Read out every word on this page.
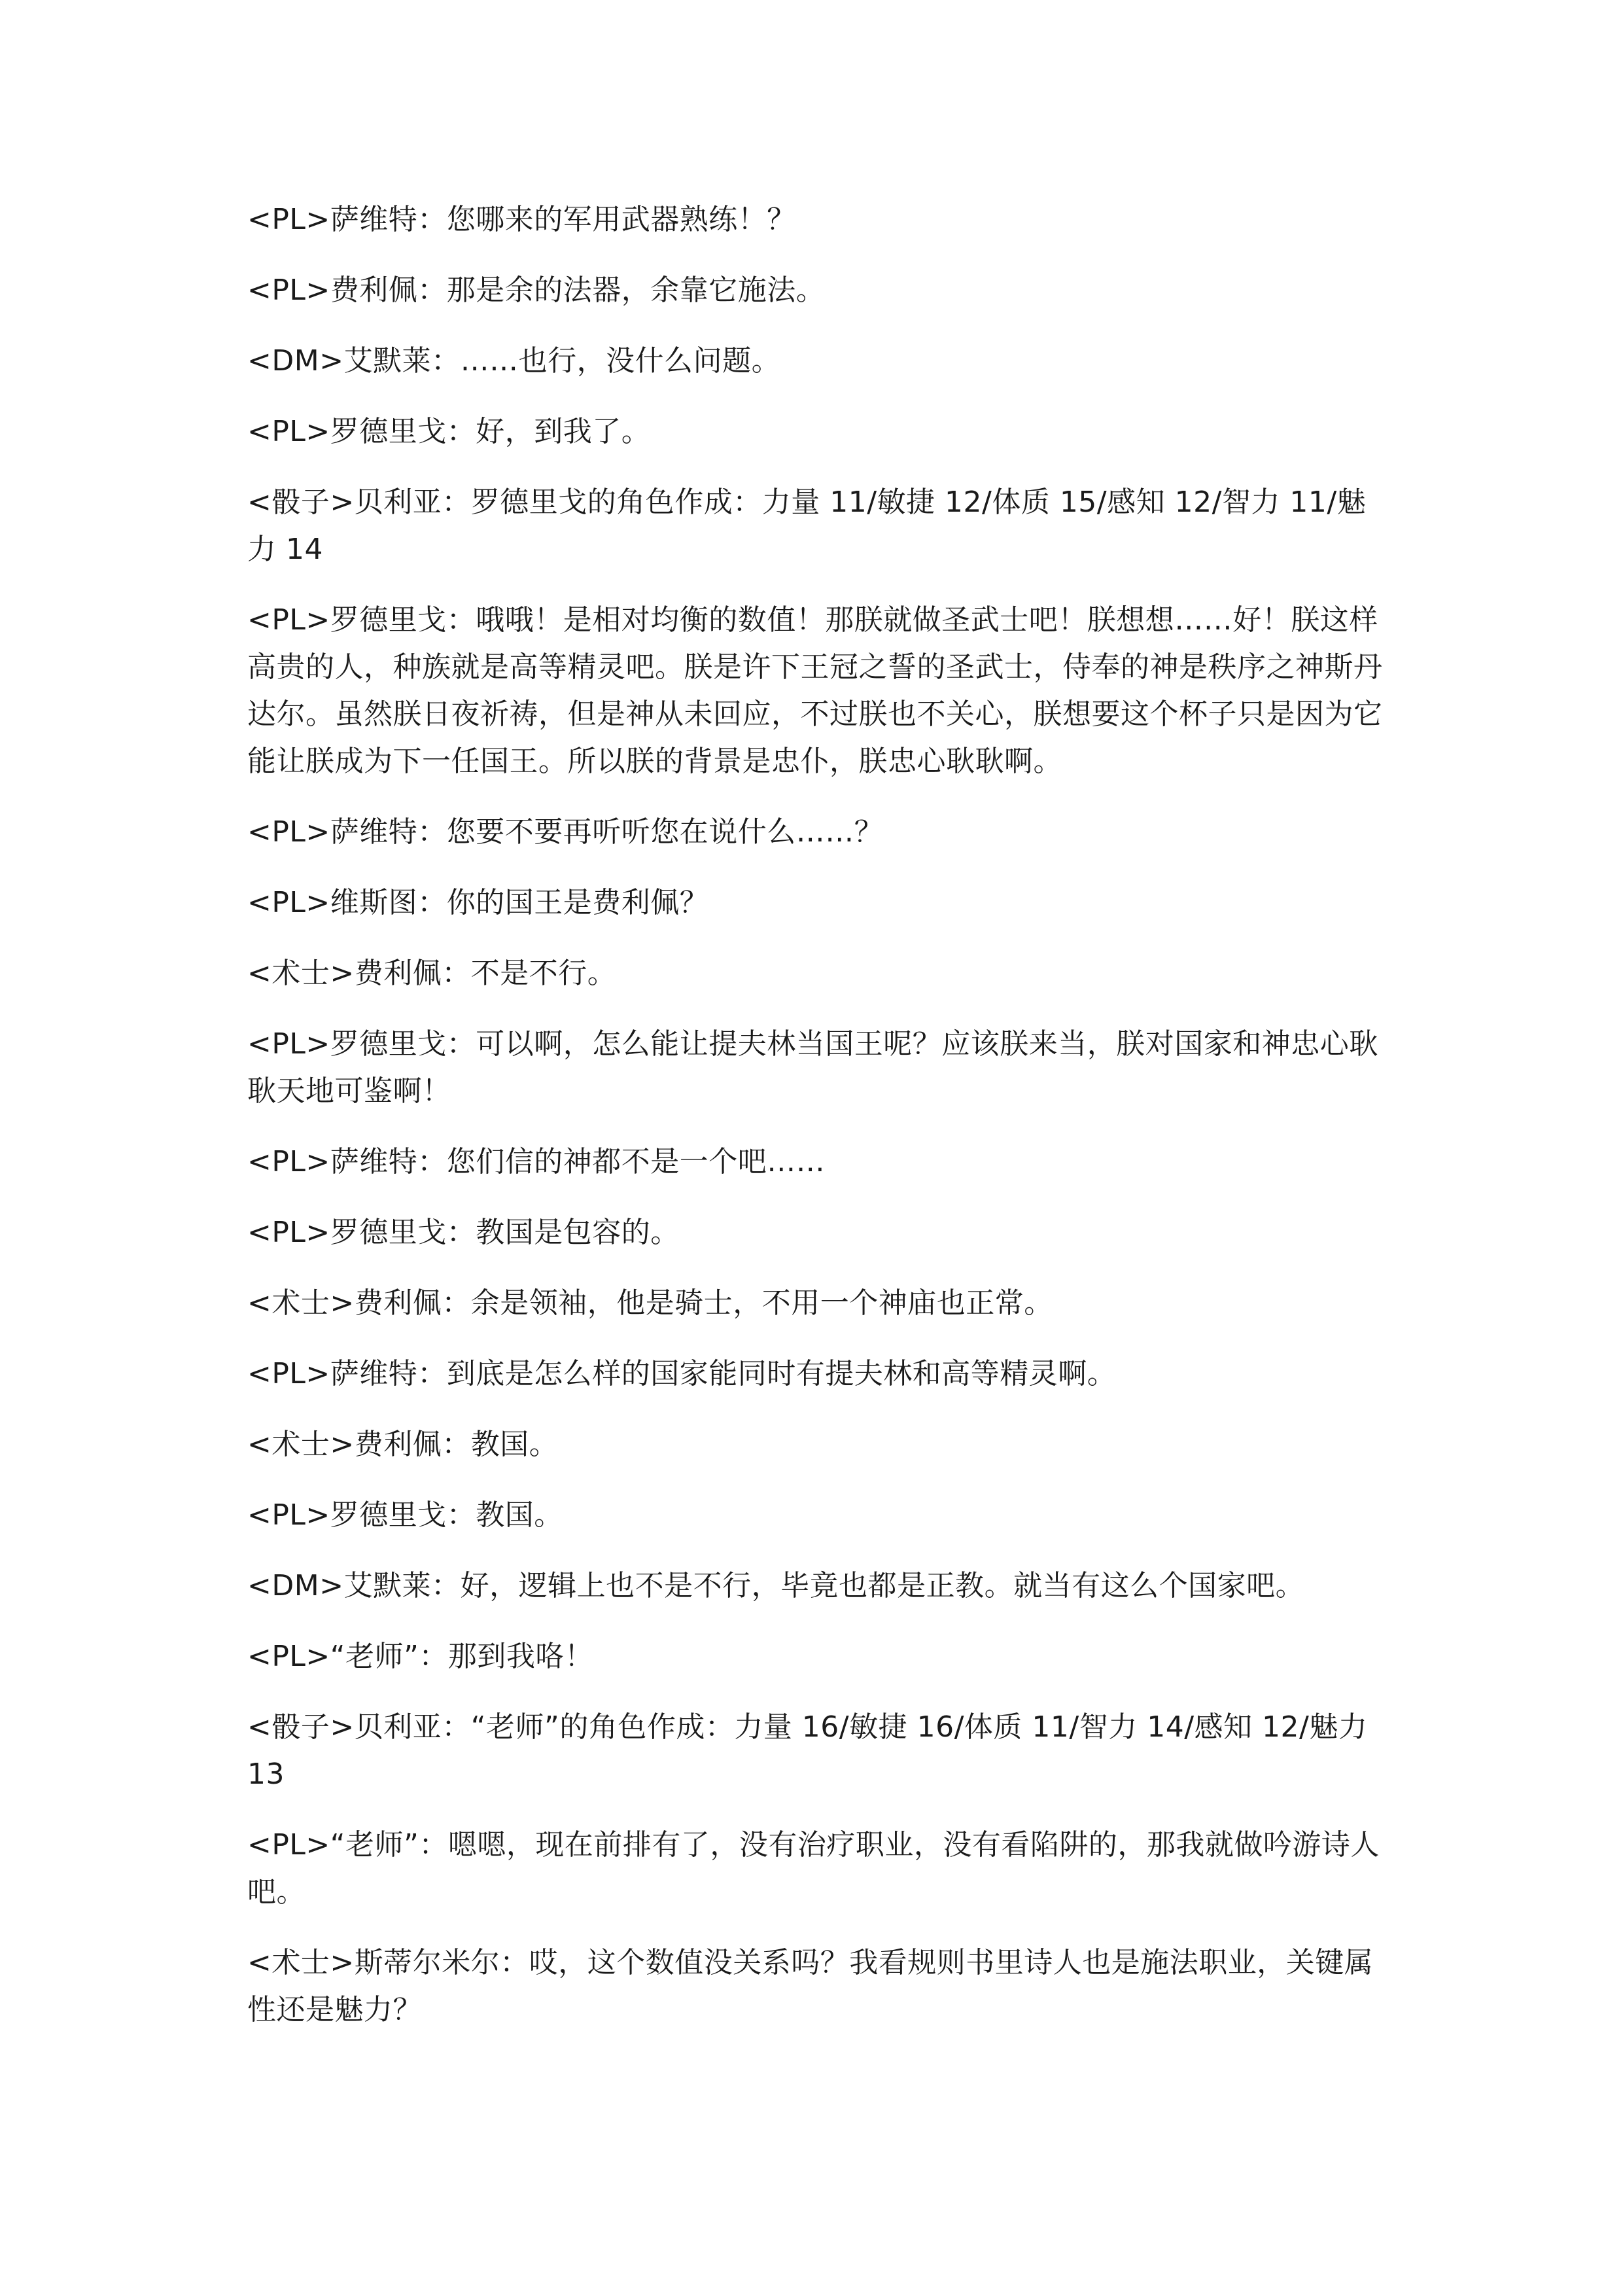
<PL>萨维特：您哪来的军用武器熟练！？

<PL>费利佩：那是余的法器，余靠它施法。

<DM>艾默莱：……也行，没什么问题。

<PL>罗德里戈：好，到我了。

<骰子>贝利亚：罗德里戈的角色作成：力量 11/敏捷 12/体质 15/感知 12/智力 11/魅力 14

<PL>罗德里戈：哦哦！是相对均衡的数值！那朕就做圣武士吧！朕想想……好！朕这样高贵的人，种族就是高等精灵吧。朕是许下王冠之誓的圣武士，侍奉的神是秩序之神斯丹达尔。虽然朕日夜祈祷，但是神从未回应，不过朕也不关心，朕想要这个杯子只是因为它能让朕成为下一任国王。所以朕的背景是忠仆，朕忠心耿耿啊。

<PL>萨维特：您要不要再听听您在说什么……？

<PL>维斯图：你的国王是费利佩？

<术士>费利佩：不是不行。

<PL>罗德里戈：可以啊，怎么能让提夫林当国王呢？应该朕来当，朕对国家和神忠心耿耿天地可鉴啊！

<PL>萨维特：您们信的神都不是一个吧……

<PL>罗德里戈：教国是包容的。

<术士>费利佩：余是领袖，他是骑士，不用一个神庙也正常。

<PL>萨维特：到底是怎么样的国家能同时有提夫林和高等精灵啊。

<术士>费利佩：教国。

<PL>罗德里戈：教国。

<DM>艾默莱：好，逻辑上也不是不行，毕竟也都是正教。就当有这么个国家吧。

<PL>“老师”：那到我咯！

<骰子>贝利亚：“老师”的角色作成：力量 16/敏捷 16/体质 11/智力 14/感知 12/魅力 13

<PL>“老师”：嗯嗯，现在前排有了，没有治疗职业，没有看陷阱的，那我就做吟游诗人吧。

<术士>斯蒂尔米尔：哎，这个数值没关系吗？我看规则书里诗人也是施法职业，关键属性还是魅力？
